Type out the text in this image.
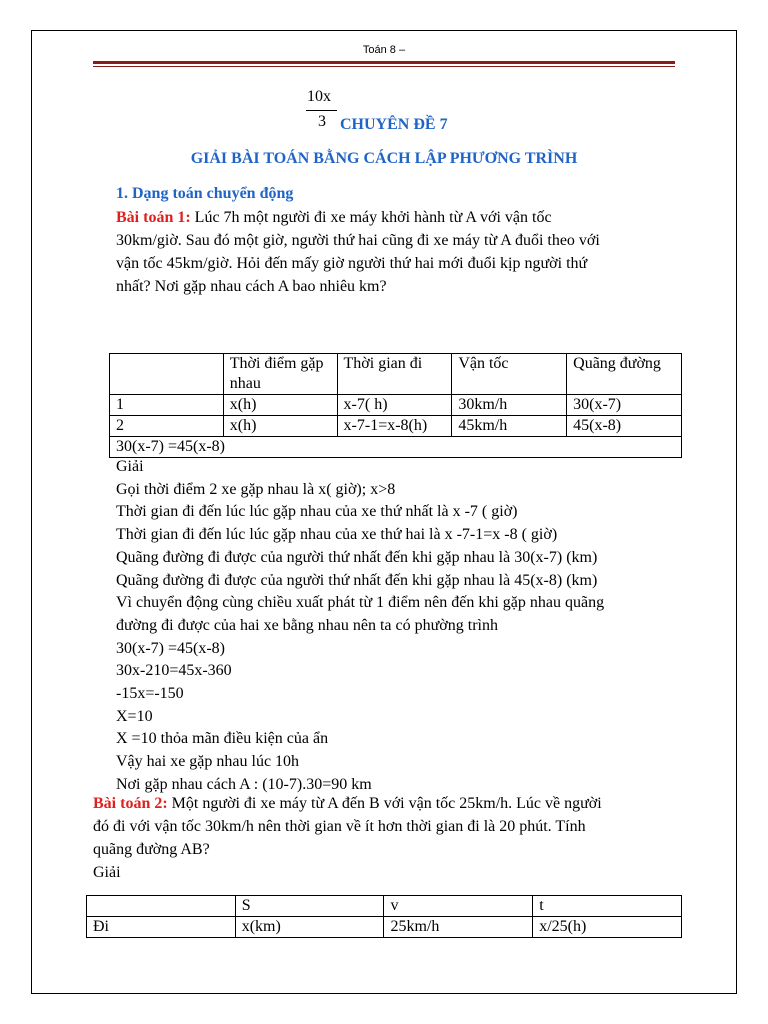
Toán 8 –
10x
3 CHUYÊN ĐỀ 7
GIẢI BÀI TOÁN BẰNG CÁCH LẬP PHƯƠNG TRÌNH
1. Dạng toán chuyển động
Bài toán 1: Lúc 7h một người đi xe máy khởi hành từ A với vận tốc
30km/giờ. Sau đó một giờ, người thứ hai cũng đi xe máy từ A đuổi theo với
vận tốc 45km/giờ. Hỏi đến mấy giờ người thứ hai mới đuổi kịp người thứ
nhất? Nơi gặp nhau cách A bao nhiêu km?
	Thời điểm gặp nhau	Thời gian đi	Vận tốc	Quãng đường
1	x(h)	x-7( h)	30km/h	30(x-7)
2	x(h)	x-7-1=x-8(h)	45km/h	45(x-8)
30(x-7) =45(x-8)				
Giải
Gọi thời điểm 2 xe gặp nhau là x( giờ); x>8
Thời gian đi đến lúc lúc gặp nhau của xe thứ nhất là x -7 ( giờ)
Thời gian đi đến lúc lúc gặp nhau của xe thứ hai là x -7-1=x -8 ( giờ)
Quãng đường đi được của người thứ nhất đến khi gặp nhau là 30(x-7) (km)
Quãng đường đi được của người thứ nhất đến khi gặp nhau là 45(x-8) (km)
Vì chuyển động cùng chiều xuất phát từ 1 điểm nên đến khi gặp nhau quãng
đường đi được của hai xe bằng nhau nên ta có phường trình
30(x-7) =45(x-8)
30x-210=45x-360
-15x=-150
X=10
X =10 thỏa mãn điều kiện của ẩn
Vậy hai xe gặp nhau lúc 10h
Nơi gặp nhau cách A : (10-7).30=90 km
Bài toán 2: Một người đi xe máy từ A đến B với vận tốc 25km/h. Lúc về người
đó đi với vận tốc 30km/h nên thời gian về ít hơn thời gian đi là 20 phút. Tính
quãng đường AB?
Giải
	S	v	t
Đi	x(km)	25km/h	x/25(h)
